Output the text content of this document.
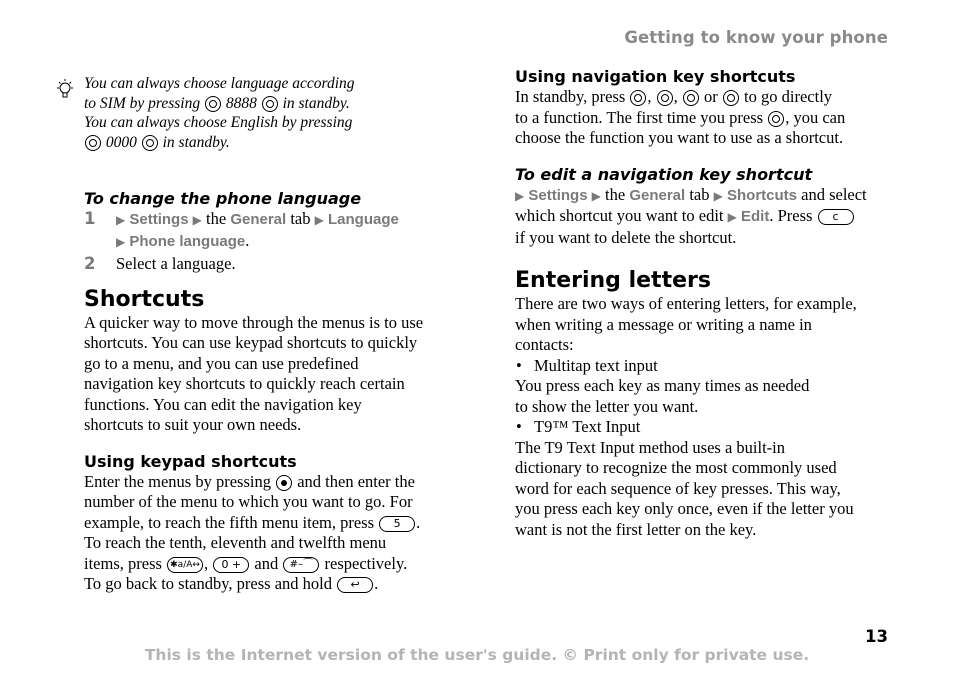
Getting to know your phone
You can always choose language according
to SIM by pressing 8888 in standby.
You can always choose English by pressing
0000 in standby.
To change the phone language
1 ▶ Settings ▶ the General tab ▶ Language
▶ Phone language.
2 Select a language.
Shortcuts
A quicker way to move through the menus is to use
shortcuts. You can use keypad shortcuts to quickly
go to a menu, and you can use predefined
navigation key shortcuts to quickly reach certain
functions. You can edit the navigation key
shortcuts to suit your own needs.
Using keypad shortcuts
Enter the menus by pressing and then enter the
number of the menu to which you want to go. For
example, to reach the fifth menu item, press 5 .
To reach the tenth, eleventh and twelfth menu
items, press ✱a/A↔ , 0 + and #–⌒ respectively.
To go back to standby, press and hold ↩ .
Using navigation key shortcuts
In standby, press , , or to go directly
to a function. The first time you press , you can
choose the function you want to use as a shortcut.
To edit a navigation key shortcut
▶ Settings ▶ the General tab ▶ Shortcuts and select
which shortcut you want to edit ▶ Edit. Press c
if you want to delete the shortcut.
Entering letters
There are two ways of entering letters, for example,
when writing a message or writing a name in
contacts:
• Multitap text input
You press each key as many times as needed
to show the letter you want.
• T9™ Text Input
The T9 Text Input method uses a built-in
dictionary to recognize the most commonly used
word for each sequence of key presses. This way,
you press each key only once, even if the letter you
want is not the first letter on the key.
13
This is the Internet version of the user's guide. © Print only for private use.
